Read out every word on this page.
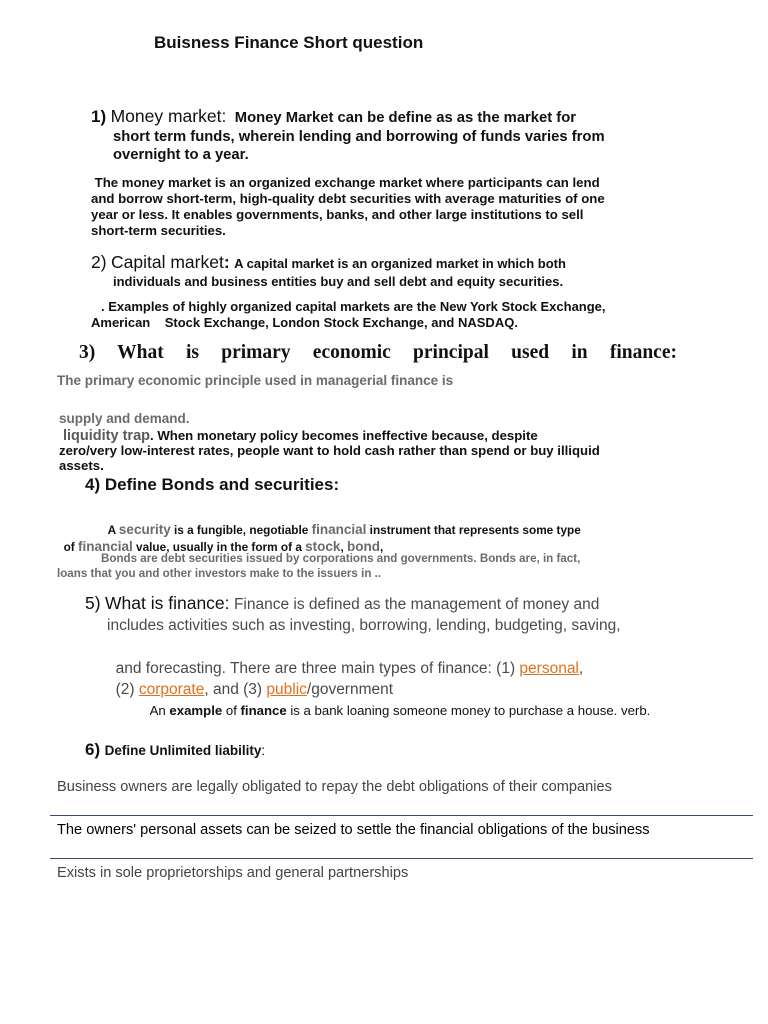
Buisness Finance Short question
1) Money market: Money Market can be define as as the market for
short term funds, wherein lending and borrowing of funds varies from
overnight to a year.
The money market is an organized exchange market where participants can lend
and borrow short-term, high-quality debt securities with average maturities of one
year or less. It enables governments, banks, and other large institutions to sell
short-term securities.
2) Capital market: A capital market is an organized market in which both
individuals and business entities buy and sell debt and equity securities.
. Examples of highly organized capital markets are the New York Stock Exchange,
American    Stock Exchange, London Stock Exchange, and NASDAQ.
3) What is primary economic principal used in finance:
The primary economic principle used in managerial finance is
supply and demand.
liquidity trap. When monetary policy becomes ineffective because, despite
zero/very low-interest rates, people want to hold cash rather than spend or buy illiquid
assets.
4) Define Bonds and securities:

A security is a fungible, negotiable financial instrument that represents some type

of financial value, usually in the form of a stock, bond,

Bonds are debt securities issued by corporations and governments. Bonds are, in fact,
loans that you and other investors make to the issuers in ..
5) What is finance: Finance is defined as the management of money and
includes activities such as investing, borrowing, lending, budgeting, saving,

and forecasting. There are three main types of finance: (1) personal,

(2) corporate, and (3) public/government

An example of finance is a bank loaning someone money to purchase a house. verb.

6) Define Unlimited liability:
Business owners are legally obligated to repay the debt obligations of their companies
The owners' personal assets can be seized to settle the financial obligations of the business
Exists in sole proprietorships and general partnerships
